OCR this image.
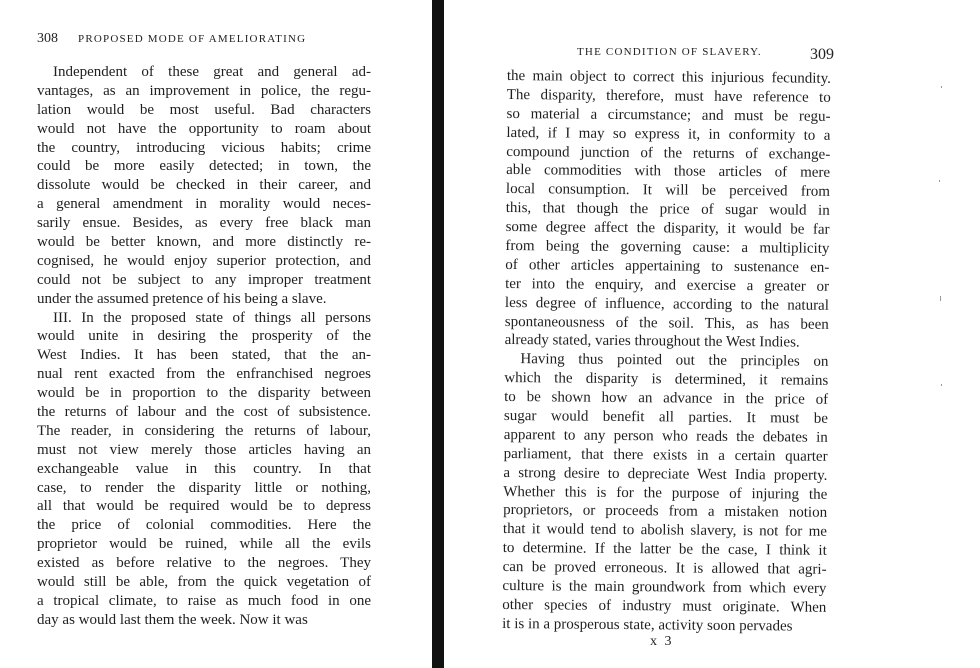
308 PROPOSED MODE OF AMELIORATING
Independent of these great and general ad-
vantages, as an improvement in police, the regu-
lation would be most useful. Bad characters
would not have the opportunity to roam about
the country, introducing vicious habits; crime
could be more easily detected; in town, the
dissolute would be checked in their career, and
a general amendment in morality would neces-
sarily ensue. Besides, as every free black man
would be better known, and more distinctly re-
cognised, he would enjoy superior protection, and
could not be subject to any improper treatment
under the assumed pretence of his being a slave.
III. In the proposed state of things all persons
would unite in desiring the prosperity of the
West Indies. It has been stated, that the an-
nual rent exacted from the enfranchised negroes
would be in proportion to the disparity between
the returns of labour and the cost of subsistence.
The reader, in considering the returns of labour,
must not view merely those articles having an
exchangeable value in this country. In that
case, to render the disparity little or nothing,
all that would be required would be to depress
the price of colonial commodities. Here the
proprietor would be ruined, while all the evils
existed as before relative to the negroes. They
would still be able, from the quick vegetation of
a tropical climate, to raise as much food in one
day as would last them the week. Now it was
THE CONDITION OF SLAVERY.	309
the main object to correct this injurious fecundity.
The disparity, therefore, must have reference to
so material a circumstance; and must be regu-
lated, if I may so express it, in conformity to a
compound junction of the returns of exchange-
able commodities with those articles of mere
local consumption. It will be perceived from
this, that though the price of sugar would in
some degree affect the disparity, it would be far
from being the governing cause: a multiplicity
of other articles appertaining to sustenance en-
ter into the enquiry, and exercise a greater or
less degree of influence, according to the natural
spontaneousness of the soil. This, as has been
already stated, varies throughout the West Indies.
Having thus pointed out the principles on
which the disparity is determined, it remains
to be shown how an advance in the price of
sugar would benefit all parties. It must be
apparent to any person who reads the debates in
parliament, that there exists in a certain quarter
a strong desire to depreciate West India property.
Whether this is for the purpose of injuring the
proprietors, or proceeds from a mistaken notion
that it would tend to abolish slavery, is not for me
to determine. If the latter be the case, I think it
can be proved erroneous. It is allowed that agri-
culture is the main groundwork from which every
other species of industry must originate. When
it is in a prosperous state, activity soon pervades
x 3
